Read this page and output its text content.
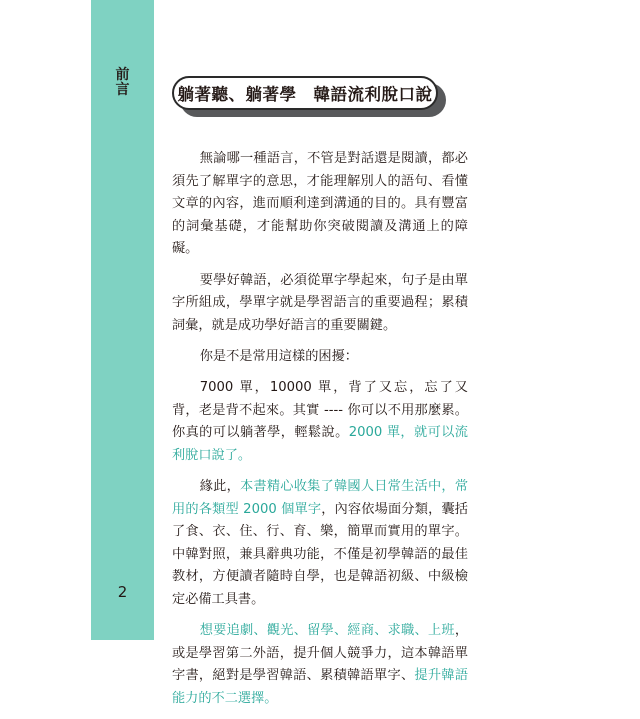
前
言
2
躺著聽、躺著學　韓語流利脫口說

無論哪一種語言，不管是對話還是閱讀，都必須先了解單字的意思，才能理解別人的語句、看懂文章的內容，進而順利達到溝通的目的。具有豐富的詞彙基礎，才能幫助你突破閱讀及溝通上的障礙。

要學好韓語，必須從單字學起來，句子是由單字所組成，學單字就是學習語言的重要過程；累積詞彙，就是成功學好語言的重要關鍵。

你是不是常用這樣的困擾：

7000 單，10000 單，背了又忘，忘了又背，老是背不起來。其實 ---- 你可以不用那麼累。你真的可以躺著學，輕鬆說。2000 單，就可以流利脫口說了。

緣此，本書精心收集了韓國人日常生活中，常用的各類型 2000 個單字，內容依場面分類，囊括了食、衣、住、行、育、樂，簡單而實用的單字。中韓對照，兼具辭典功能，不僅是初學韓語的最佳教材，方便讀者隨時自學，也是韓語初級、中級檢定必備工具書。

想要追劇、觀光、留學、經商、求職、上班，或是學習第二外語，提升個人競爭力，這本韓語單字書，絕對是學習韓語、累積韓語單字、提升韓語能力的不二選擇。
